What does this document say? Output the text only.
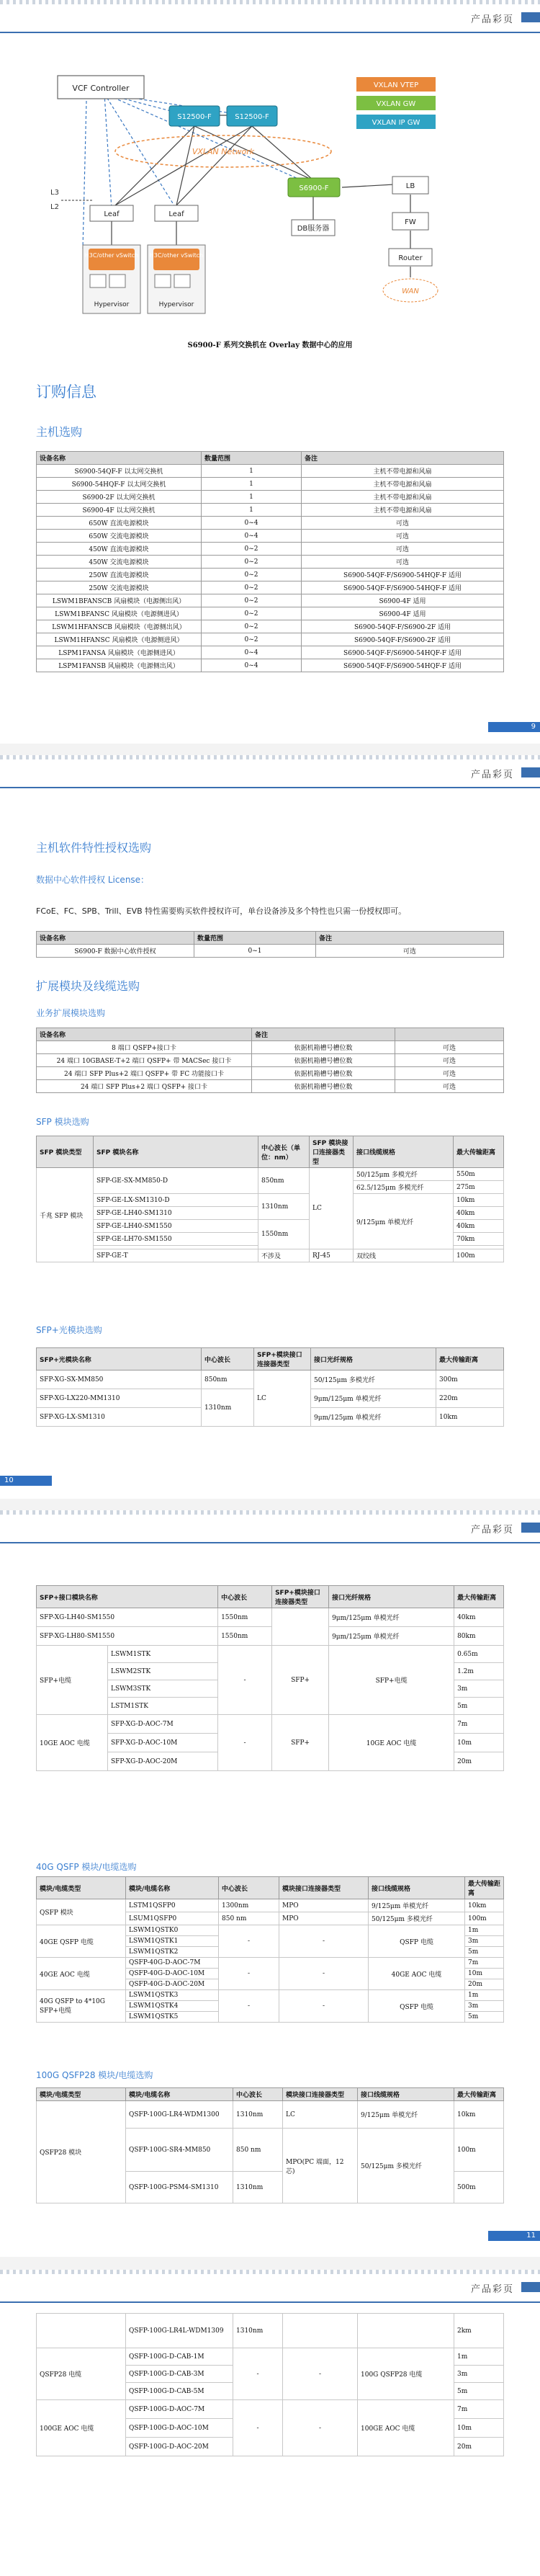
产品彩页
VCF Controller
S12500-F	S12500-F
VXLAN VTEP
VXLAN GW
VXLAN IP GW
VXLAN Network
L3
L2
Leaf	Leaf
S6900-F
DB服务器
LB
FW
Router
WAN
H3C/other vSwitch
Hypervisor
H3C/other vSwitch
Hypervisor
S6900-F 系列交换机在 Overlay 数据中心的应用
订购信息
主机选购
设备名称	数量范围	备注
S6900-54QF-F 以太网交换机	1	主机不带电源和风扇
S6900-54HQF-F 以太网交换机	1	主机不带电源和风扇
S6900-2F 以太网交换机	1	主机不带电源和风扇
S6900-4F 以太网交换机	1	主机不带电源和风扇
650W 直流电源模块	0~4	可选
650W 交流电源模块	0~4	可选
450W 直流电源模块	0~2	可选
450W 交流电源模块	0~2	可选
250W 直流电源模块	0~2	S6900-54QF-F/S6900-54HQF-F 适用
250W 交流电源模块	0~2	S6900-54QF-F/S6900-54HQF-F 适用
LSWM1BFANSCB 风扇模块（电源侧出风）	0~2	S6900-4F 适用
LSWM1BFANSC 风扇模块（电源侧进风）	0~2	S6900-4F 适用
LSWM1HFANSCB 风扇模块（电源侧出风）	0~2	S6900-54QF-F/S6900-2F 适用
LSWM1HFANSC 风扇模块（电源侧进风）	0~2	S6900-54QF-F/S6900-2F 适用
LSPM1FANSA 风扇模块（电源侧进风）	0~4	S6900-54QF-F/S6900-54HQF-F 适用
LSPM1FANSB 风扇模块（电源侧出风）	0~4	S6900-54QF-F/S6900-54HQF-F 适用
9
产品彩页
主机软件特性授权选购
数据中心软件授权 License：

FCoE、FC、SPB、Trill、EVB 特性需要购买软件授权许可，单台设备涉及多个特性也只需一份授权即可。

设备名称	数量范围	备注
S6900-F 数据中心软件授权	0~1	可选
扩展模块及线缆选购
业务扩展模块选购
设备名称	备注	
8 端口 QSFP+接口卡	依据机箱槽号槽位数	可选
24 端口 10GBASE-T+2 端口 QSFP+ 带 MACSec 接口卡	依据机箱槽号槽位数	可选
24 端口 SFP Plus+2 端口 QSFP+ 带 FC 功能接口卡	依据机箱槽号槽位数	可选
24 端口 SFP Plus+2 端口 QSFP+ 接口卡	依据机箱槽号槽位数	可选
SFP 模块选购
SFP 模块类型	SFP 模块名称	中心波长（单位：nm）	SFP 模块接口连接器类型	接口线缆规格	最大传输距离
千兆 SFP 模块	SFP-GE-SX-MM850-D	850nm	LC	50/125μm 多模光纤	550m
				62.5/125μm 多模光纤	275m
	SFP-GE-LX-SM1310-D	1310nm		9/125μm 单模光纤	10km
	SFP-GE-LH40-SM1310				40km
	SFP-GE-LH40-SM1550	1550nm			40km
	SFP-GE-LH70-SM1550				70km

	SFP-GE-T	不涉及	RJ-45	双绞线	100m
SFP+光模块选购
SFP+光模块名称	中心波长	SFP+模块接口连接器类型	接口光纤规格	最大传输距离
SFP-XG-SX-MM850	850nm	LC	50/125μm 多模光纤	300m
SFP-XG-LX220-MM1310	1310nm		9μm/125μm 单模光纤	220m
SFP-XG-LX-SM1310			9μm/125μm 单模光纤	10km
10
产品彩页
SFP+接口模块名称		中心波长	SFP+模块接口连接器类型	接口光纤规格	最大传输距离
SFP-XG-LH40-SM1550		1550nm		9μm/125μm 单模光纤	40km
SFP-XG-LH80-SM1550		1550nm		9μm/125μm 单模光纤	80km
SFP+电缆	LSWM1STK	-	SFP+	SFP+电缆	0.65m
	LSWM2STK				1.2m
	LSWM3STK				3m
	LSTM1STK				5m
10GE AOC 电缆	SFP-XG-D-AOC-7M	-	SFP+	10GE AOC 电缆	7m
	SFP-XG-D-AOC-10M				10m
	SFP-XG-D-AOC-20M				20m
40G QSFP 模块/电缆选购
模块/电缆类型	模块/电缆名称	中心波长	模块接口连接器类型	接口线缆规格	最大传输距离
QSFP 模块	LSTM1QSFP0	1300nm	MPO	9/125μm 单模光纤	10km
	LSUM1QSFP0	850 nm	MPO	50/125μm 多模光纤	100m
40GE QSFP 电缆	LSWM1QSTK0	-	-	QSFP 电缆	1m
	LSWM1QSTK1				3m
	LSWM1QSTK2				5m
40GE AOC 电缆	QSFP-40G-D-AOC-7M	-	-	40GE AOC 电缆	7m
	QSFP-40G-D-AOC-10M				10m
	QSFP-40G-D-AOC-20M				20m
40G QSFP to 4*10G SFP+电缆	LSWM1QSTK3	-	-	QSFP 电缆	1m
	LSWM1QSTK4				3m
	LSWM1QSTK5				5m
100G QSFP28 模块/电缆选购
模块/电缆类型	模块/电缆名称	中心波长	模块接口连接器类型	接口线缆规格	最大传输距离
QSFP28 模块	QSFP-100G-LR4-WDM1300	1310nm	LC	9/125μm 单模光纤	10km
	QSFP-100G-SR4-MM850	850 nm	MPO(PC 端面，12 芯)	50/125μm 多模光纤	100m
	QSFP-100G-PSM4-SM1310	1310nm			500m
11
产品彩页
	QSFP-100G-LR4L-WDM1309	1310nm			2km
QSFP28 电缆	QSFP-100G-D-CAB-1M	-	-	100G QSFP28 电缆	1m
	QSFP-100G-D-CAB-3M				3m
	QSFP-100G-D-CAB-5M				5m
100GE AOC 电缆	QSFP-100G-D-AOC-7M	-	-	100GE AOC 电缆	7m
	QSFP-100G-D-AOC-10M				10m
	QSFP-100G-D-AOC-20M				20m
